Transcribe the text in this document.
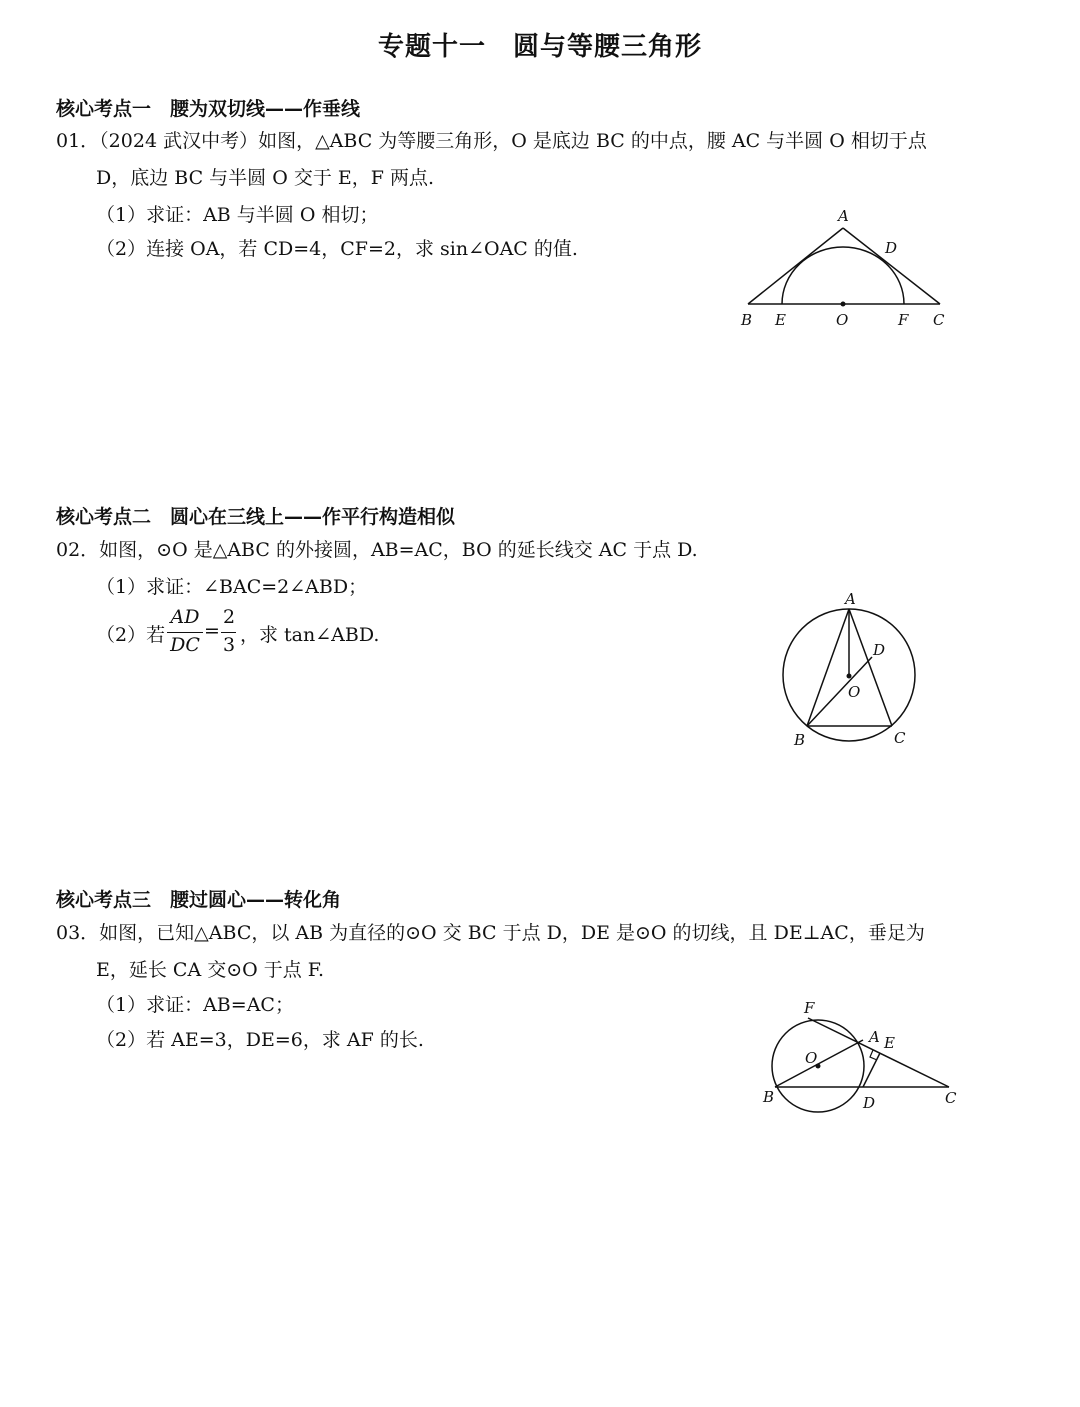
专题十一　圆与等腰三角形
核心考点一　腰为双切线——作垂线
01．（2024 武汉中考）如图，△ABC 为等腰三角形，O 是底边 BC 的中点，腰 AC 与半圆 O 相切于点
D，底边 BC 与半圆 O 交于 E，F 两点.
（1）求证：AB 与半圆 O 相切；
（2）连接 OA，若 CD=4，CF=2，求 sin∠OAC 的值.
A
D
B E	O	F C
核心考点二　圆心在三线上——作平行构造相似
02．如图，⊙O 是△ABC 的外接圆，AB=AC，BO 的延长线交 AC 于点 D.
（1）求证：∠BAC=2∠ABD；
（2）若
AD
DC
=
2
3 ，求 tan∠ABD.
A
D
O
B	C
核心考点三　腰过圆心——转化角
03．如图，已知△ABC，以 AB 为直径的⊙O 交 BC 于点 D，DE 是⊙O 的切线，且 DE⊥AC，垂足为
E，延长 CA 交⊙O 于点 F.
（1）求证：AB=AC；
（2）若 AE=3，DE=6，求 AF 的长.
F
A E
O
B	D	C
